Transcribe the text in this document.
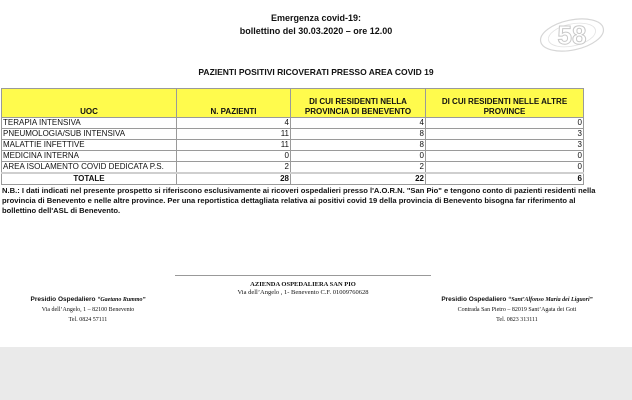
Emergenza covid-19:
bollettino del 30.03.2020 – ore 12.00	58
PAZIENTI POSITIVI RICOVERATI PRESSO AREA COVID 19
UOC	N. PAZIENTI	DI CUI RESIDENTI NELLA PROVINCIA DI BENEVENTO	DI CUI RESIDENTI NELLE ALTRE PROVINCE
TERAPIA INTENSIVA	4	4	0
PNEUMOLOGIA/SUB INTENSIVA	11	8	3
MALATTIE INFETTIVE	11	8	3
MEDICINA INTERNA	0	0	0
AREA ISOLAMENTO COVID DEDICATA P.S.	2	2	0
TOTALE	28	22	6
N.B.: I dati indicati nel presente prospetto si riferiscono esclusivamente ai ricoveri ospedalieri presso l'A.O.R.N. "San Pio" e tengono conto di pazienti residenti nella provincia di Benevento e nelle altre province. Per una reportistica dettagliata relativa ai positivi covid 19 della provincia di Benevento bisogna far riferimento al bollettino dell'ASL di Benevento.
AZIENDA OSPEDALIERA SAN PIO
Via dell’Angelo , 1- Benevento C.F. 01009760628
Presidio Ospedaliero “Gaetano Rummo”
Via dell’Angelo, 1 – 82100 Benevento
Tel. 0824 57111
Presidio Ospedaliero “Sant’Alfonso Maria dei Liguori”
Contrada San Pietro – 82019 Sant’Agata dei Goti
Tel. 0823 313111
